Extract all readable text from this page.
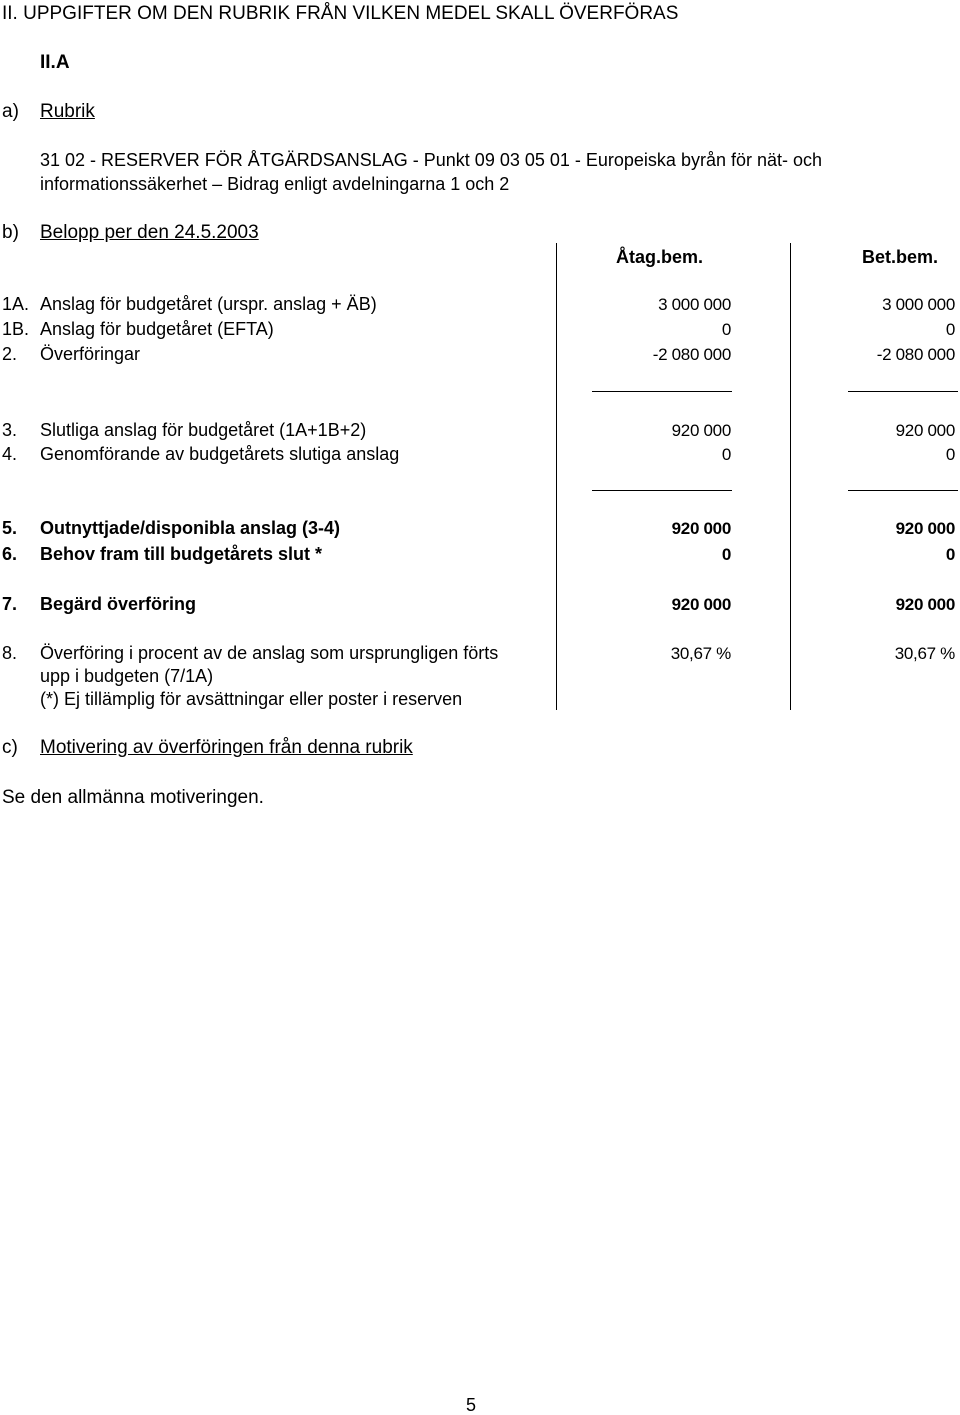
II. UPPGIFTER OM DEN RUBRIK FRÅN VILKEN MEDEL SKALL ÖVERFÖRAS
II.A
a) Rubrik
31 02 - RESERVER FÖR ÅTGÄRDSANSLAG - Punkt 09 03 05 01 - Europeiska byrån för nät- och
informationssäkerhet – Bidrag enligt avdelningarna 1 och 2
b) Belopp per den 24.5.2003
Åtag.bem.	Bet.bem.
1A. Anslag för budgetåret (urspr. anslag + ÄB)	3 000 000	3 000 000
1B. Anslag för budgetåret (EFTA)	0	0
2. Överföringar	-2 080 000	-2 080 000
3. Slutliga anslag för budgetåret (1A+1B+2)	920 000	920 000
4. Genomförande av budgetårets slutiga anslag	0	0
5. Outnyttjade/disponibla anslag (3-4)	920 000	920 000
6. Behov fram till budgetårets slut *	0	0
7. Begärd överföring	920 000	920 000
8. Överföring i procent av de anslag som ursprungligen förts	30,67 %	30,67 %
upp i budgeten (7/1A)
(*) Ej tillämplig för avsättningar eller poster i reserven
c) Motivering av överföringen från denna rubrik
Se den allmänna motiveringen.
5
